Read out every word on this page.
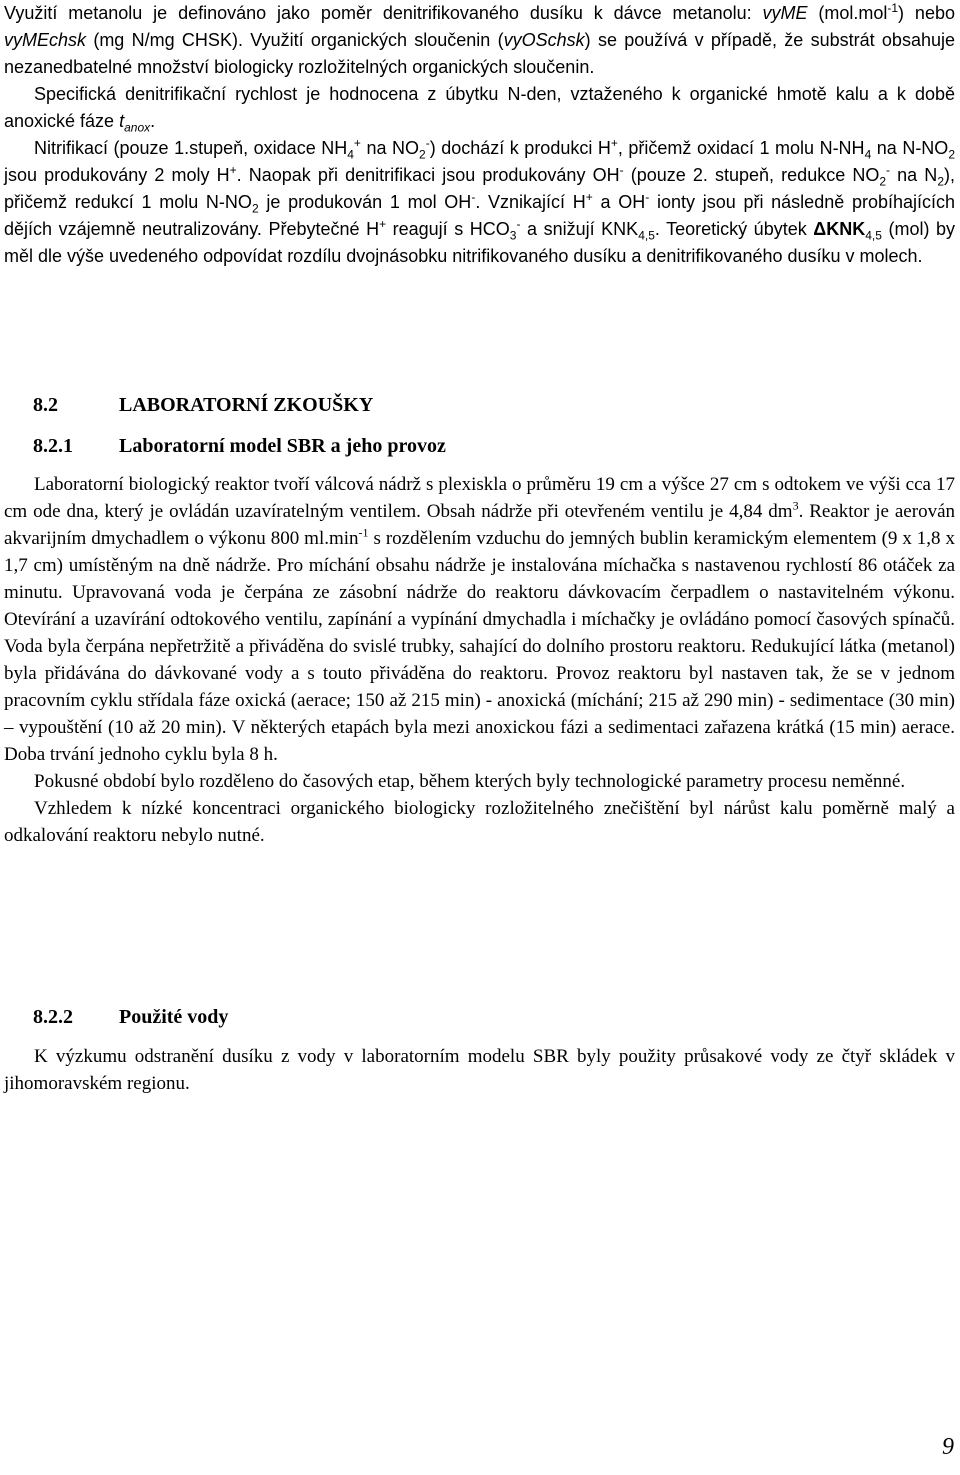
Využití metanolu je definováno jako poměr denitrifikovaného dusíku k dávce metanolu: vyME (mol.mol$^{-1}$) nebo vyMEchsk (mg N/mg CHSK). Využití organických sloučenin (vyOSchsk) se používá v případě, že substrát obsahuje nezanedbatelné množství biologicky rozložitelných organických sloučenin.

Specifická denitrifikační rychlost je hodnocena z úbytku N-den, vztaženého k organické hmotě kalu a k době anoxické fáze $t_{anox}$.

Nitrifikací (pouze 1.stupeň, oxidace $NH_4^+$ na $NO_2^-$) dochází k produkci H+, přičemž oxidací 1 molu $N-NH_4$ na $N-NO_2$ jsou produkovány 2 moly H+. Naopak při denitrifikaci jsou produkovány OH- (pouze 2. stupeň, redukce $NO_2^-$ na $N_2$), přičemž redukcí 1 molu $N-NO_2$ je produkován 1 mol OH-. Vznikající H+ a OH- ionty jsou při následně probíhajících dějích vzájemně neutralizovány. Přebytečné H+ reagují s $HCO_3^-$ a snižují $KNK_{4,5}$. Teoretický úbytek $\Delta KNK_{4,5}$ (mol) by měl dle výše uvedeného odpovídat rozdílu dvojnásobku nitrifikovaného dusíku a denitrifikovaného dusíku v molech.

8.2	LABORATORNÍ ZKOUŠKY
8.2.1 Laboratorní model SBR a jeho provoz

Laboratorní biologický reaktor tvoří válcová nádrž s plexiskla o průměru 19 cm a výšce 27 cm s odtokem ve výši cca 17 cm ode dna, který je ovládán uzavíratelným ventilem. Obsah nádrže při otevřeném ventilu je 4,84 $dm^3$. Reaktor je aerován akvarijním dmychadlem o výkonu 800 $ml.\min^{-1}$ s rozdělením vzduchu do jemných bublin keramickým elementem (9 x 1,8 x 1,7 cm) umístěným na dně nádrže. Pro míchání obsahu nádrže je instalována míchačka s nastavenou rychlostí 86 otáček za minutu. Upravovaná voda je čerpána ze zásobní nádrže do reaktoru dávkovacím čerpadlem o nastavitelném výkonu. Otevírání a uzavírání odtokového ventilu, zapínání a vypínání dmychadla i míchačky je ovládáno pomocí časových spínačů. Voda byla čerpána nepřetržitě a přiváděna do svislé trubky, sahající do dolního prostoru reaktoru. Redukující látka (metanol) byla přidávána do dávkované vody a s touto přiváděna do reaktoru. Provoz reaktoru byl nastaven tak, že se v jednom pracovním cyklu střídala fáze oxická (aerace; 150 až 215 min) - anoxická (míchání; 215 až 290 min) - sedimentace (30 min) – vypouštění (10 až 20 min). V některých etapách byla mezi anoxickou fázi a sedimentaci zařazena krátká (15 min) aerace. Doba trvání jednoho cyklu byla 8 h.

Pokusné období bylo rozděleno do časových etap, během kterých byly technologické parametry procesu neměnné.

Vzhledem k nízké koncentraci organického biologicky rozložitelného znečištění byl nárůst kalu poměrně malý a odkalování reaktoru nebylo nutné.

8.2.2 Použité vody

K výzkumu odstranění dusíku z vody v laboratorním modelu SBR byly použity průsakové vody ze čtyř skládek v jihomoravském regionu.

9
